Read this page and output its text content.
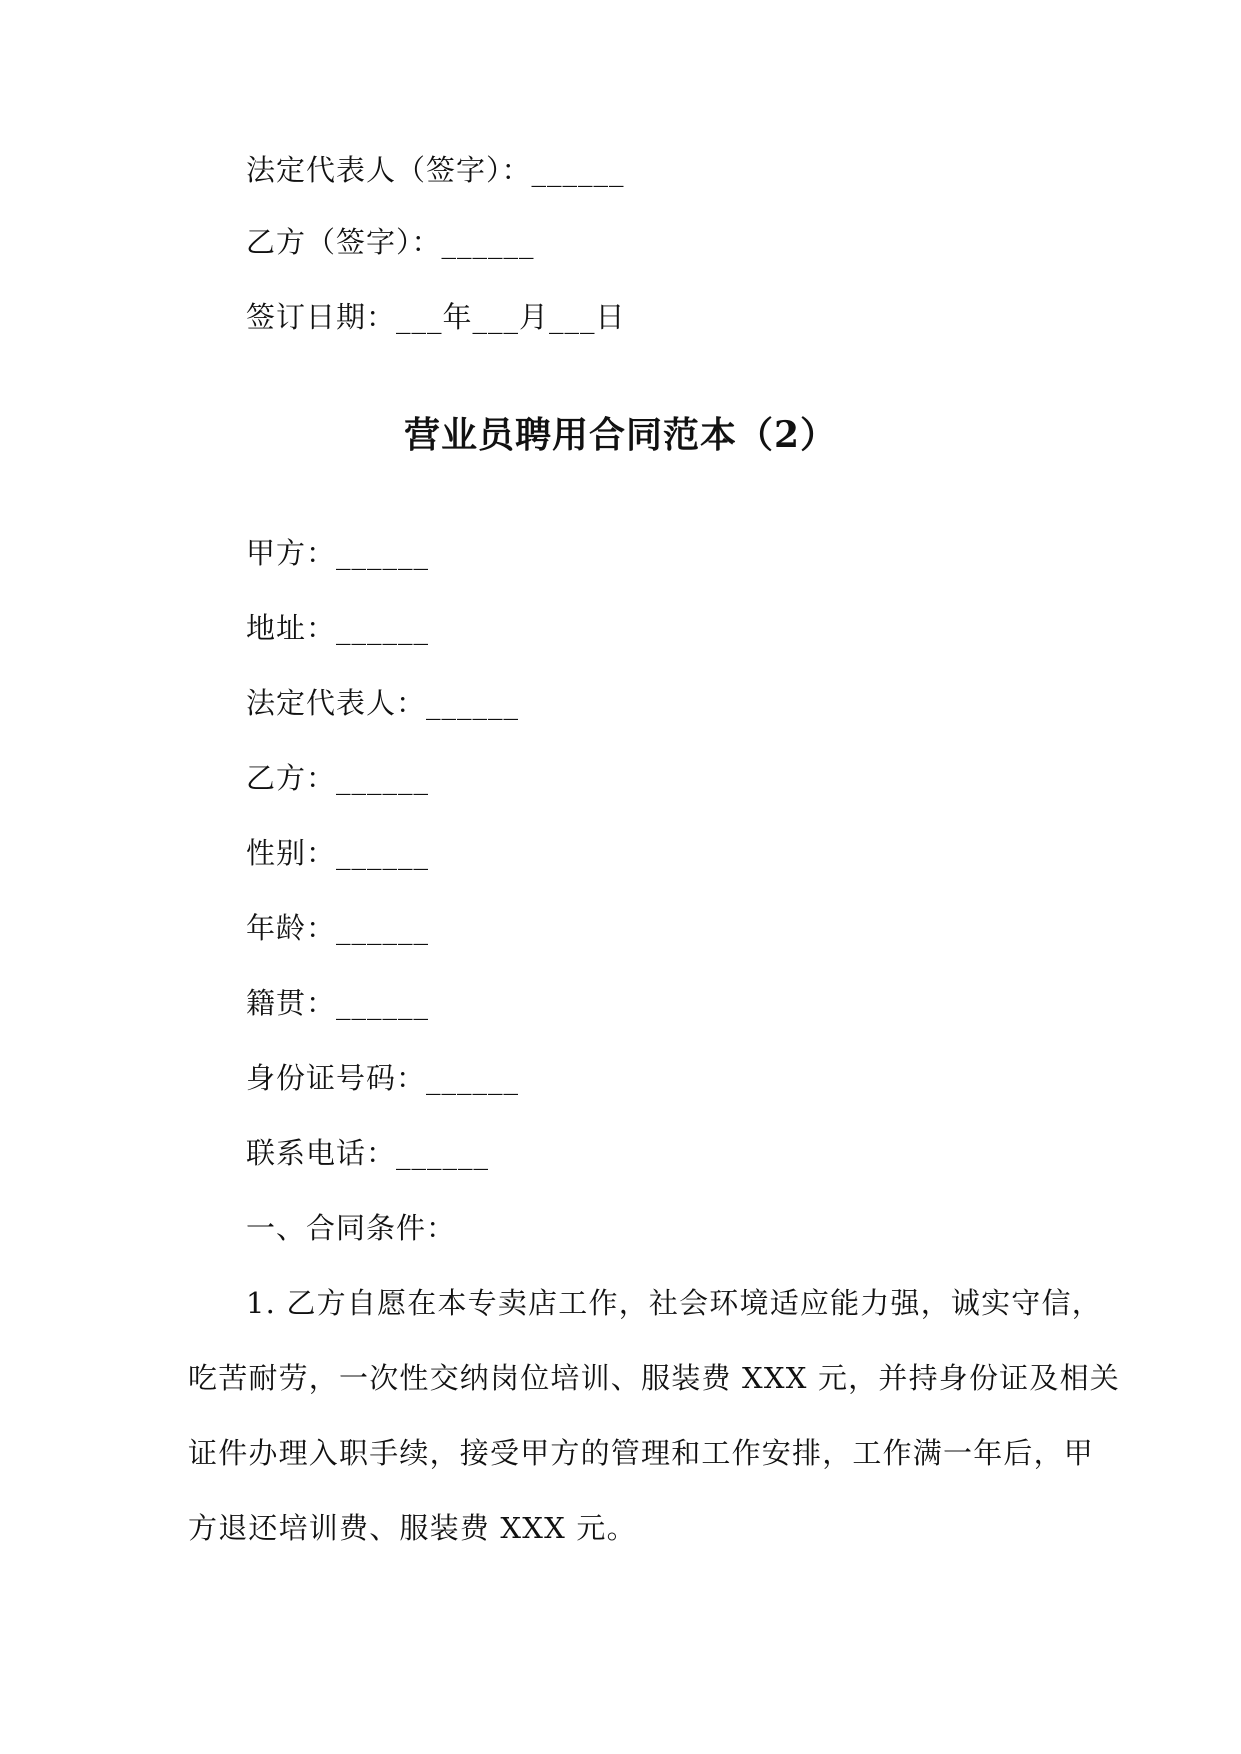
法定代表人（签字）：______
乙方（签字）：______
签订日期：___年___月___日
营业员聘用合同范本（2）
甲方：______
地址：______
法定代表人：______
乙方：______
性别：______
年龄：______
籍贯：______
身份证号码：______
联系电话：______
一、合同条件：
1. 乙方自愿在本专卖店工作，社会环境适应能力强，诚实守信，
吃苦耐劳，一次性交纳岗位培训、服装费 XXX 元，并持身份证及相关
证件办理入职手续，接受甲方的管理和工作安排，工作满一年后，甲
方退还培训费、服装费 XXX 元。
